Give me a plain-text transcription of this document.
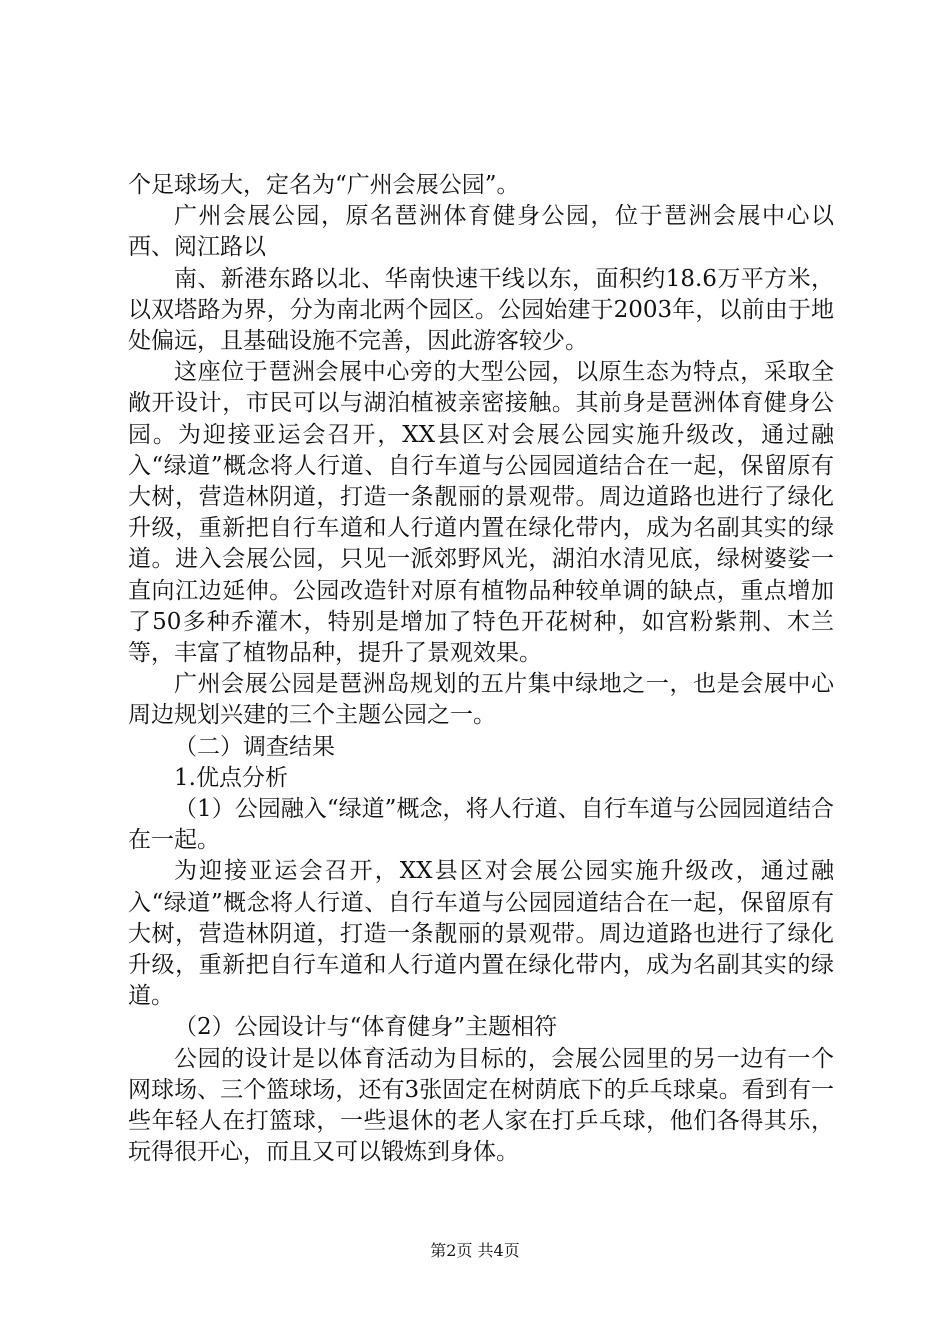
个足球场大，定名为“广州会展公园”。

广州会展公园，原名琶洲体育健身公园，位于琶洲会展中心以西、阅江路以

南、新港东路以北、华南快速干线以东，面积约18.6万平方米，以双塔路为界，分为南北两个园区。公园始建于2003年，以前由于地处偏远，且基础设施不完善，因此游客较少。

这座位于琶洲会展中心旁的大型公园，以原生态为特点，采取全敞开设计，市民可以与湖泊植被亲密接触。其前身是琶洲体育健身公园。为迎接亚运会召开，XX县区对会展公园实施升级改，通过融入“绿道”概念将人行道、自行车道与公园园道结合在一起，保留原有大树，营造林阴道，打造一条靓丽的景观带。周边道路也进行了绿化升级，重新把自行车道和人行道内置在绿化带内，成为名副其实的绿道。进入会展公园，只见一派郊野风光，湖泊水清见底，绿树婆娑一直向江边延伸。公园改造针对原有植物品种较单调的缺点，重点增加了50多种乔灌木，特别是增加了特色开花树种，如宫粉紫荆、木兰等，丰富了植物品种，提升了景观效果。

广州会展公园是琶洲岛规划的五片集中绿地之一，也是会展中心周边规划兴建的三个主题公园之一。

（二）调查结果

1.优点分析

（1）公园融入“绿道”概念，将人行道、自行车道与公园园道结合在一起。

为迎接亚运会召开，XX县区对会展公园实施升级改，通过融入“绿道”概念将人行道、自行车道与公园园道结合在一起，保留原有大树，营造林阴道，打造一条靓丽的景观带。周边道路也进行了绿化升级，重新把自行车道和人行道内置在绿化带内，成为名副其实的绿道。

（2）公园设计与“体育健身”主题相符

公园的设计是以体育活动为目标的，会展公园里的另一边有一个网球场、三个篮球场，还有3张固定在树荫底下的乒乓球桌。看到有一些年轻人在打篮球，一些退休的老人家在打乒乓球，他们各得其乐，玩得很开心，而且又可以锻炼到身体。

第2页 共4页
